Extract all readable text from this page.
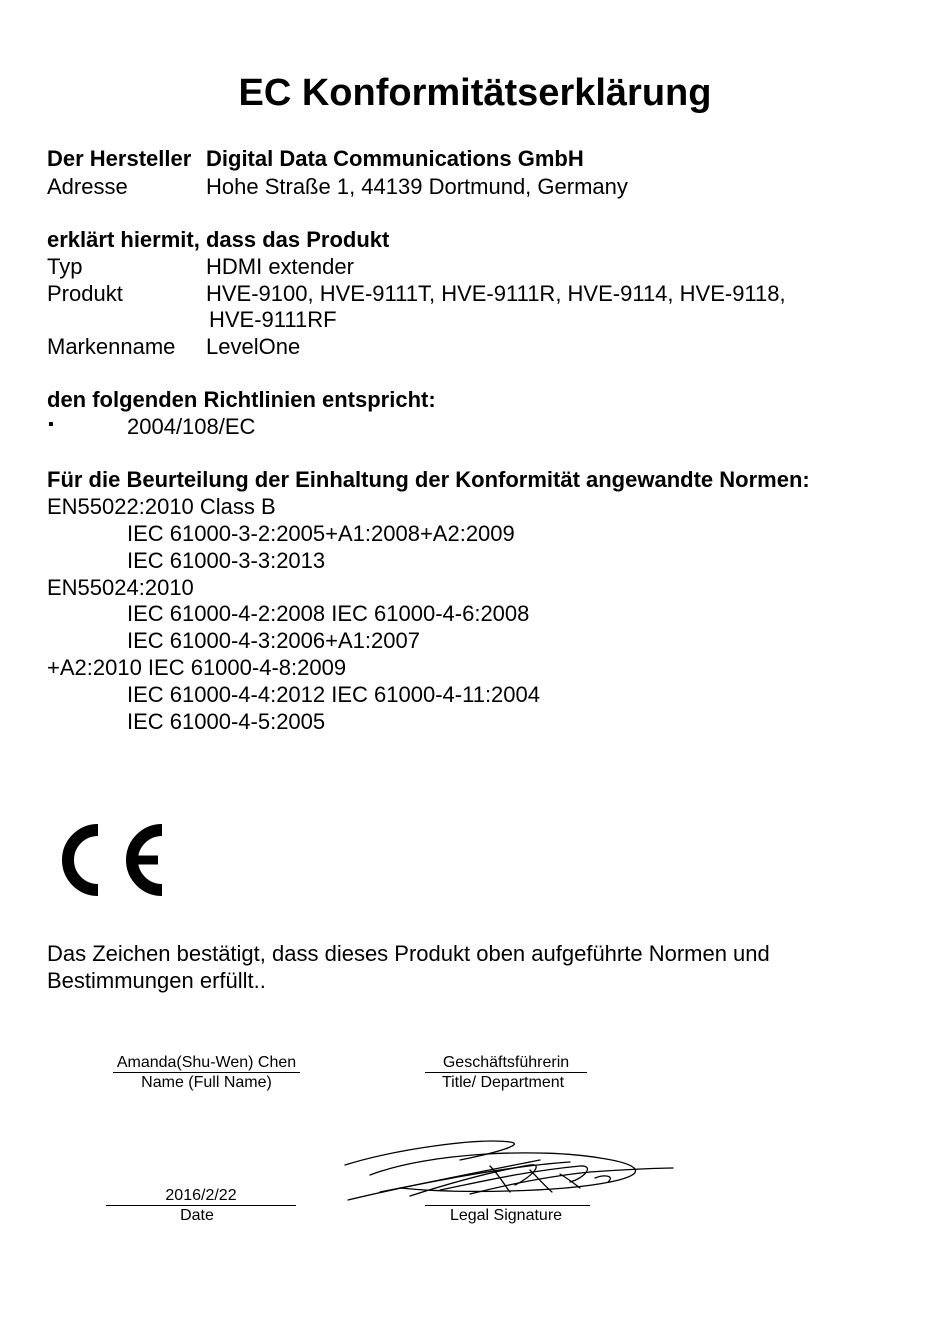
EC Konformitätserklärung
Der Hersteller Digital Data Communications GmbH
Adresse	Hohe Straße 1, 44139 Dortmund, Germany
erklärt hiermit, dass das Produkt
Typ	HDMI extender
Produkt	HVE-9100, HVE-9111T, HVE-9111R, HVE-9114, HVE-9118,
HVE-9111RF
Markenname LevelOne
den folgenden Richtlinien entspricht:
▪	2004/108/EC
Für die Beurteilung der Einhaltung der Konformität angewandte Normen:
EN55022:2010 Class B
IEC 61000-3-2:2005+A1:2008+A2:2009
IEC 61000-3-3:2013
EN55024:2010
IEC 61000-4-2:2008 IEC 61000-4-6:2008
IEC 61000-4-3:2006+A1:2007
+A2:2010 IEC 61000-4-8:2009
IEC 61000-4-4:2012 IEC 61000-4-11:2004
IEC 61000-4-5:2005
Das Zeichen bestätigt, dass dieses Produkt oben aufgeführte Normen und
Bestimmungen erfüllt..
Amanda(Shu-Wen) Chen
Name (Full Name)
Geschäftsführerin
Title/ Department
2016/2/22
Date	Legal Signature
